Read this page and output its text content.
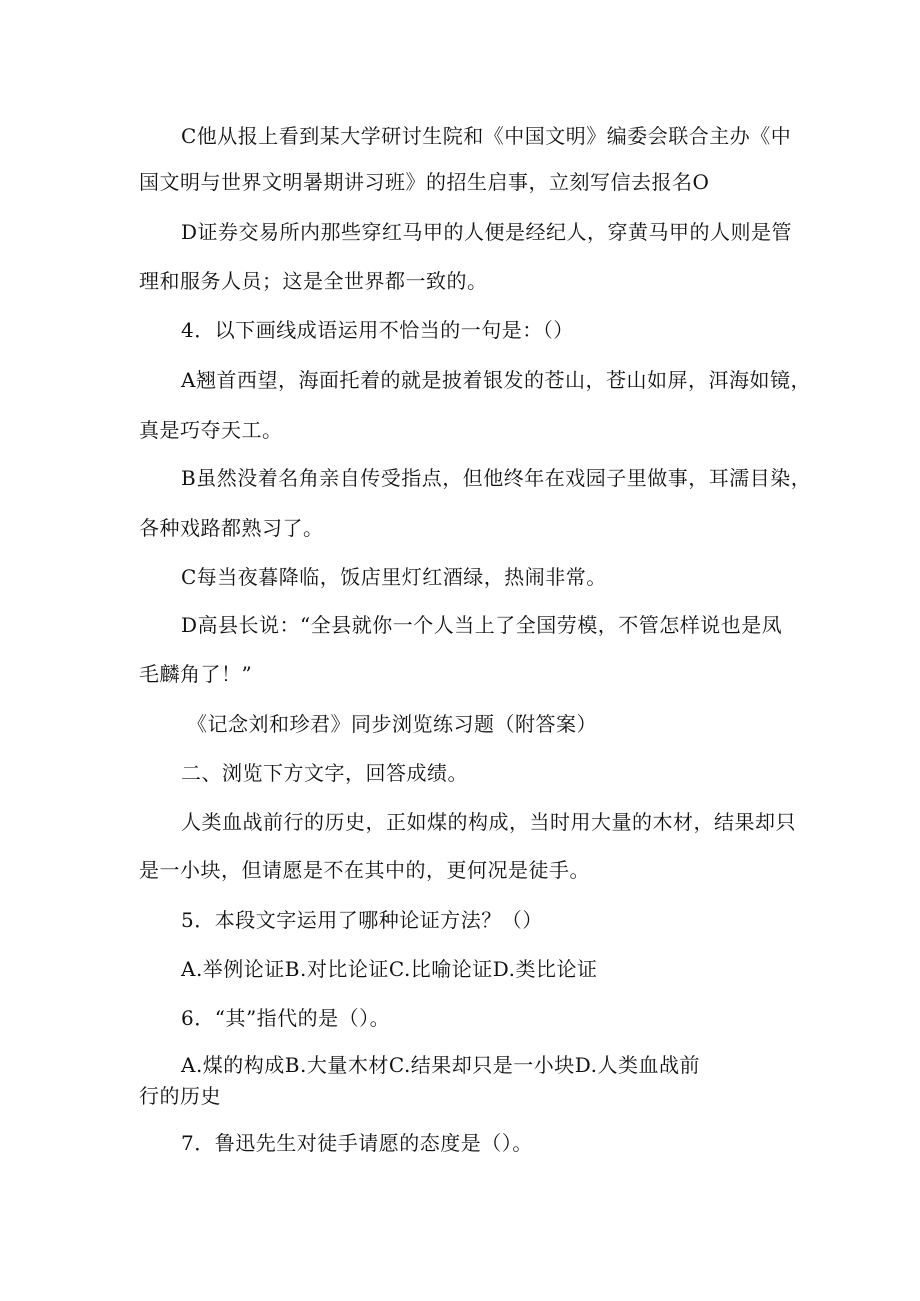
C他从报上看到某大学研讨生院和《中国文明》编委会联合主办《中
国文明与世界文明暑期讲习班》的招生启事，立刻写信去报名O
D证券交易所内那些穿红马甲的人便是经纪人，穿黄马甲的人则是管
理和服务人员；这是全世界都一致的。
4．以下画线成语运用不恰当的一句是：（）
A翘首西望，海面托着的就是披着银发的苍山，苍山如屏，洱海如镜，
真是巧夺天工。
B虽然没着名角亲自传受指点，但他终年在戏园子里做事，耳濡目染，
各种戏路都熟习了。
C每当夜暮降临，饭店里灯红酒绿，热闹非常。
D高县长说：“全县就你一个人当上了全国劳模，不管怎样说也是凤
毛麟角了！”
《记念刘和珍君》同步浏览练习题（附答案）
二、浏览下方文字，回答成绩。
人类血战前行的历史，正如煤的构成，当时用大量的木材，结果却只
是一小块，但请愿是不在其中的，更何况是徒手。
5．本段文字运用了哪种论证方法？（）
A.举例论证B.对比论证C.比喻论证D.类比论证
6．“其”指代的是（）。
A.煤的构成B.大量木材C.结果却只是一小块D.人类血战前
行的历史
7．鲁迅先生对徒手请愿的态度是（）。
